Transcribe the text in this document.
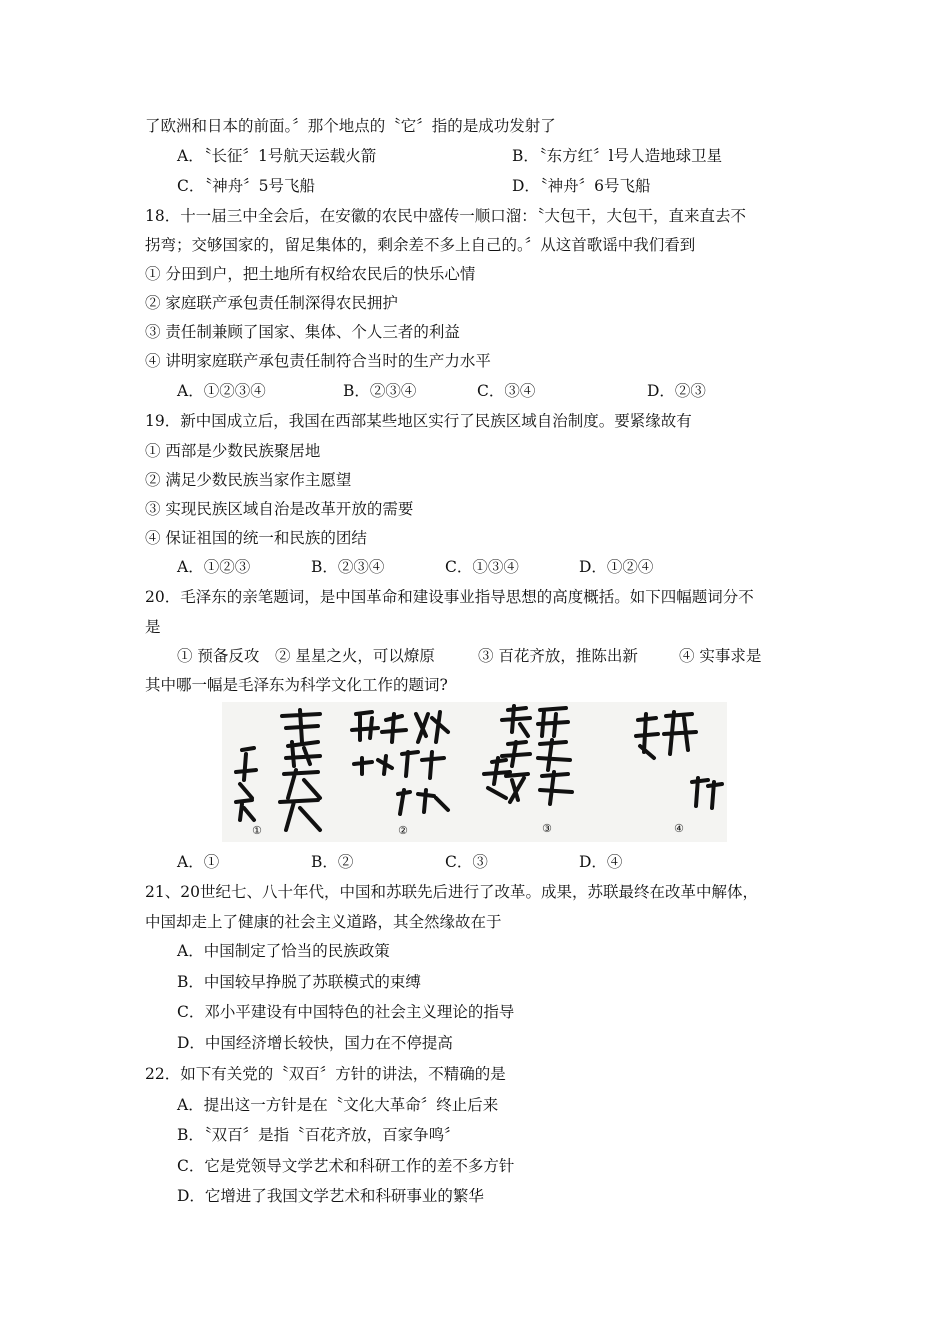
了欧洲和日本的前面。〞那个地点的〝它〞指的是成功发射了
A．〝长征〞1号航天运载火箭	B．〝东方红〞l号人造地球卫星
C．〝神舟〞5号飞船	D．〝神舟〞6号飞船
18．十一届三中全会后，在安徽的农民中盛传一顺口溜：〝大包干，大包干，直来直去不
拐弯；交够国家的，留足集体的，剩余差不多上自己的。〞从这首歌谣中我们看到
① 分田到户，把土地所有权给农民后的快乐心情
② 家庭联产承包责任制深得农民拥护
③ 责任制兼顾了国家、集体、个人三者的利益
④ 讲明家庭联产承包责任制符合当时的生产力水平
A．①②③④	B．②③④	C．③④	D．②③
19．新中国成立后，我国在西部某些地区实行了民族区域自治制度。要紧缘故有
① 西部是少数民族聚居地
② 满足少数民族当家作主愿望
③ 实现民族区域自治是改革开放的需要
④ 保证祖国的统一和民族的团结
A．①②③	B．②③④	C．①③④	D．①②④
20．毛泽东的亲笔题词，是中国革命和建设事业指导思想的高度概括。如下四幅题词分不
是
① 预备反攻 ② 星星之火，可以燎原	③ 百花齐放，推陈出新	④ 实事求是
其中哪一幅是毛泽东为科学文化工作的题词?
①	②	③	④
A．①	B．②	C．③	D．④
21、20世纪七、八十年代，中国和苏联先后进行了改革。成果，苏联最终在改革中解体，
中国却走上了健康的社会主义道路，其全然缘故在于
A．中国制定了恰当的民族政策
B．中国较早挣脱了苏联模式的束缚
C．邓小平建设有中国特色的社会主义理论的指导
D．中国经济增长较快，国力在不停提高
22．如下有关党的〝双百〞方针的讲法，不精确的是
A．提出这一方针是在〝文化大革命〞终止后来
B．〝双百〞是指〝百花齐放，百家争鸣〞
C．它是党领导文学艺术和科研工作的差不多方针
D．它增进了我国文学艺术和科研事业的繁华
